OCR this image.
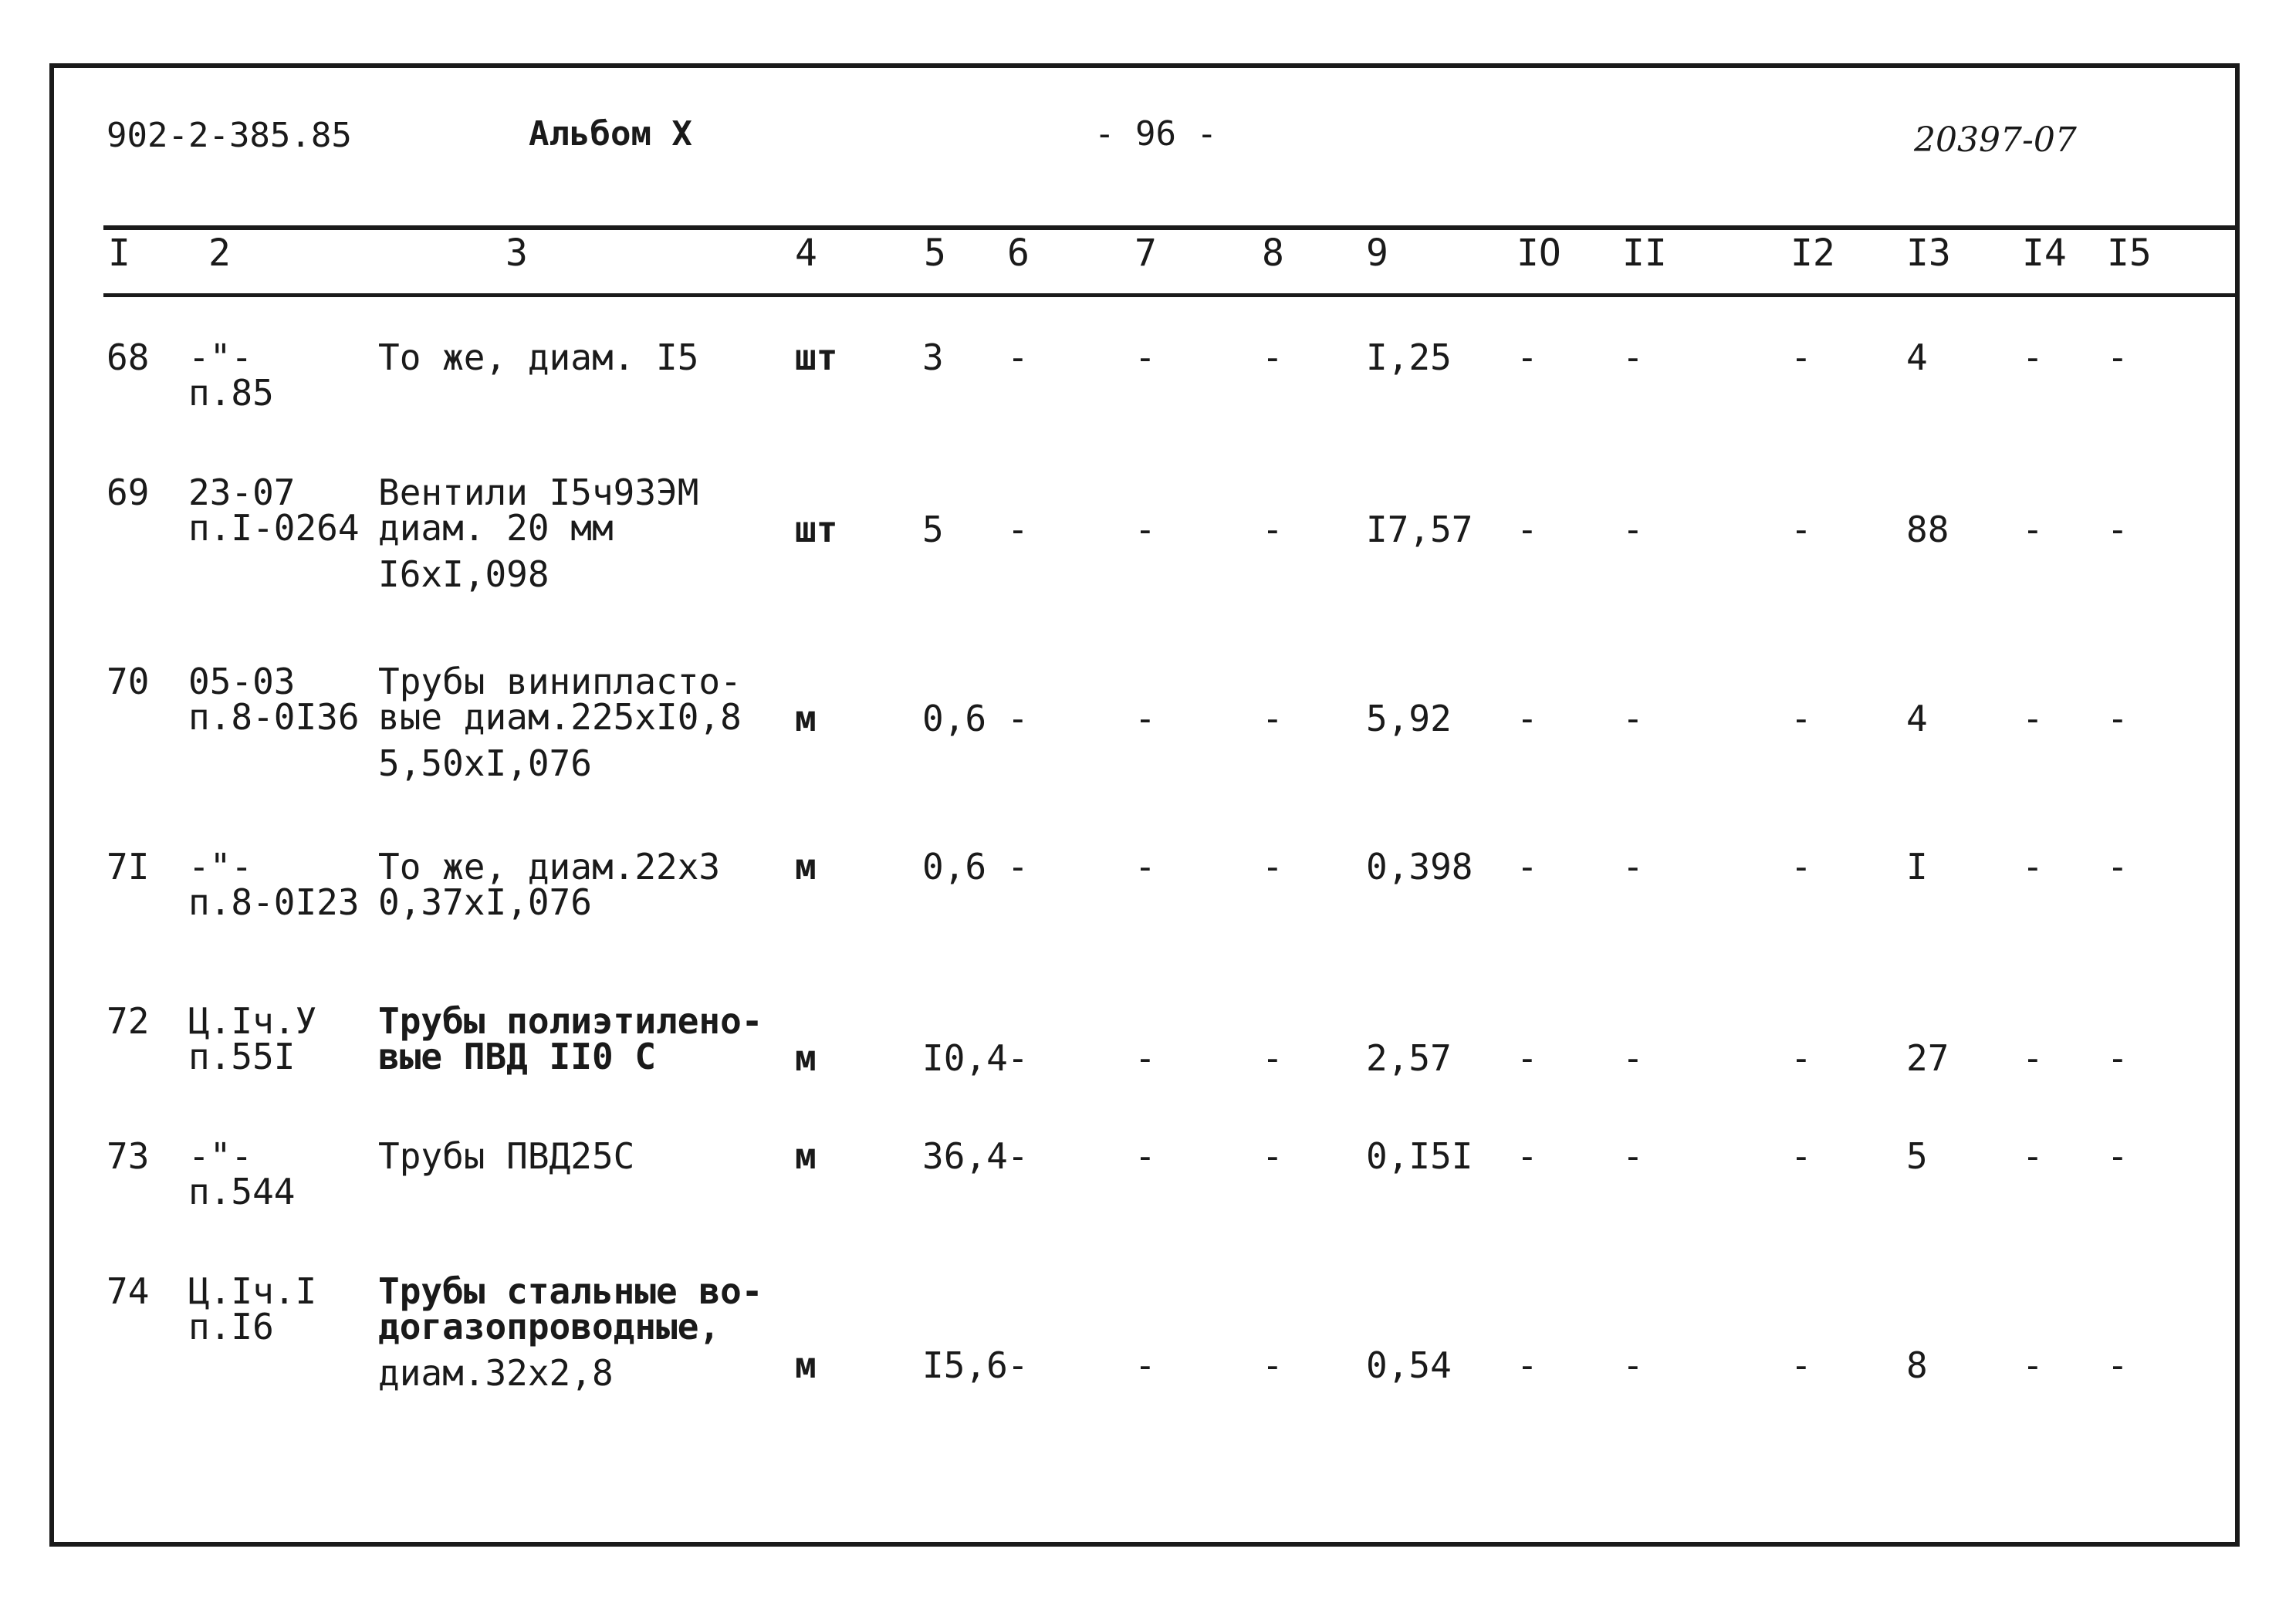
902-2-385.85	Альбом X	- 96 -	20397-07
I 2	3	4	5 6	7	8 9	IO II	I2 I3 I4 I5
68 -"-
п.85
То же, диам. I5	шт 3 -	-	- I,25 - -	-	4	- -
69 23-07
п.I-0264
Вентили I5ч93ЭМ
диам. 20 мм
I6xI,098
шт 5 -	-	- I7,57 - -	-	88 - -
70 05-03
п.8-0I36
Трубы винипласто-
вые диам.225xI0,8
5,50xI,076
м	0,6 -	-	- 5,92 - -	-	4	- -
7I -"-
п.8-0I23
То же, диам.22x3
0,37xI,076
м	0,6 -	-	- 0,398 - -	-	I	- -
72 Ц.Iч.У
п.55I
Трубы полиэтилено-
вые ПВД II0 С	м	I0,4 -	-	- 2,57 - -	-	27 - -
73 -"-
п.544
Трубы ПВД25С	м	36,4 -	-	- 0,I5I - -	-	5	- -
74 Ц.Iч.I
п.I6
Трубы стальные во-
догазопроводные,
диам.32x2,8	м	I5,6 -	-	- 0,54 - -	-	8	- -
